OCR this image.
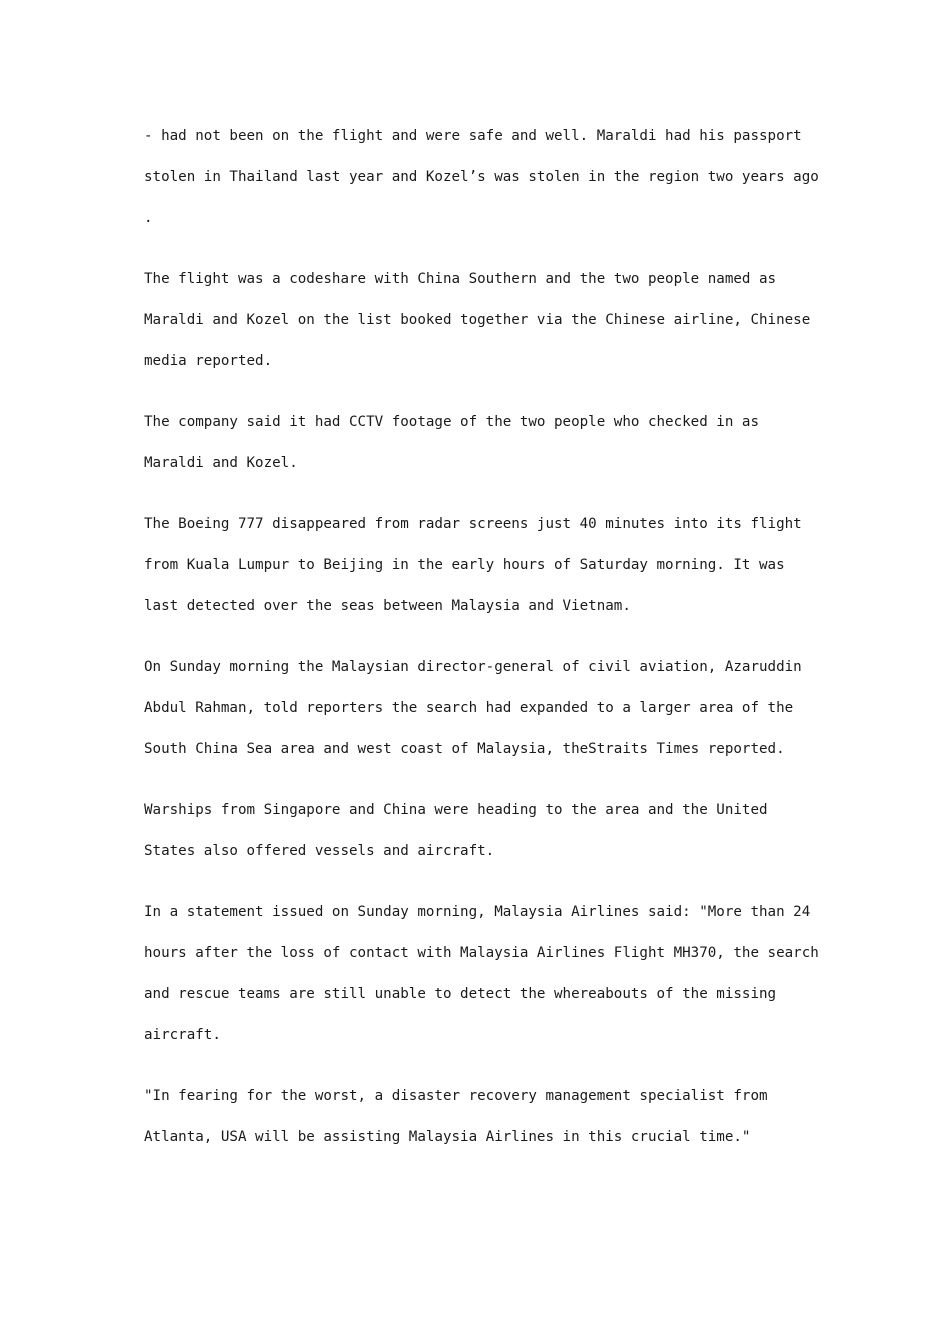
- had not been on the flight and were safe and well. Maraldi had his passport
stolen in Thailand last year and Kozel’s was stolen in the region two years ago
.

The flight was a codeshare with China Southern and the two people named as
Maraldi and Kozel on the list booked together via the Chinese airline, Chinese
media reported.

The company said it had CCTV footage of the two people who checked in as
Maraldi and Kozel.

The Boeing 777 disappeared from radar screens just 40 minutes into its flight
from Kuala Lumpur to Beijing in the early hours of Saturday morning. It was
last detected over the seas between Malaysia and Vietnam.

On Sunday morning the Malaysian director-general of civil aviation, Azaruddin
Abdul Rahman, told reporters the search had expanded to a larger area of the
South China Sea area and west coast of Malaysia, theStraits Times reported.

Warships from Singapore and China were heading to the area and the United
States also offered vessels and aircraft.

In a statement issued on Sunday morning, Malaysia Airlines said: "More than 24
hours after the loss of contact with Malaysia Airlines Flight MH370, the search
and rescue teams are still unable to detect the whereabouts of the missing
aircraft.

"In fearing for the worst, a disaster recovery management specialist from
Atlanta, USA will be assisting Malaysia Airlines in this crucial time."
